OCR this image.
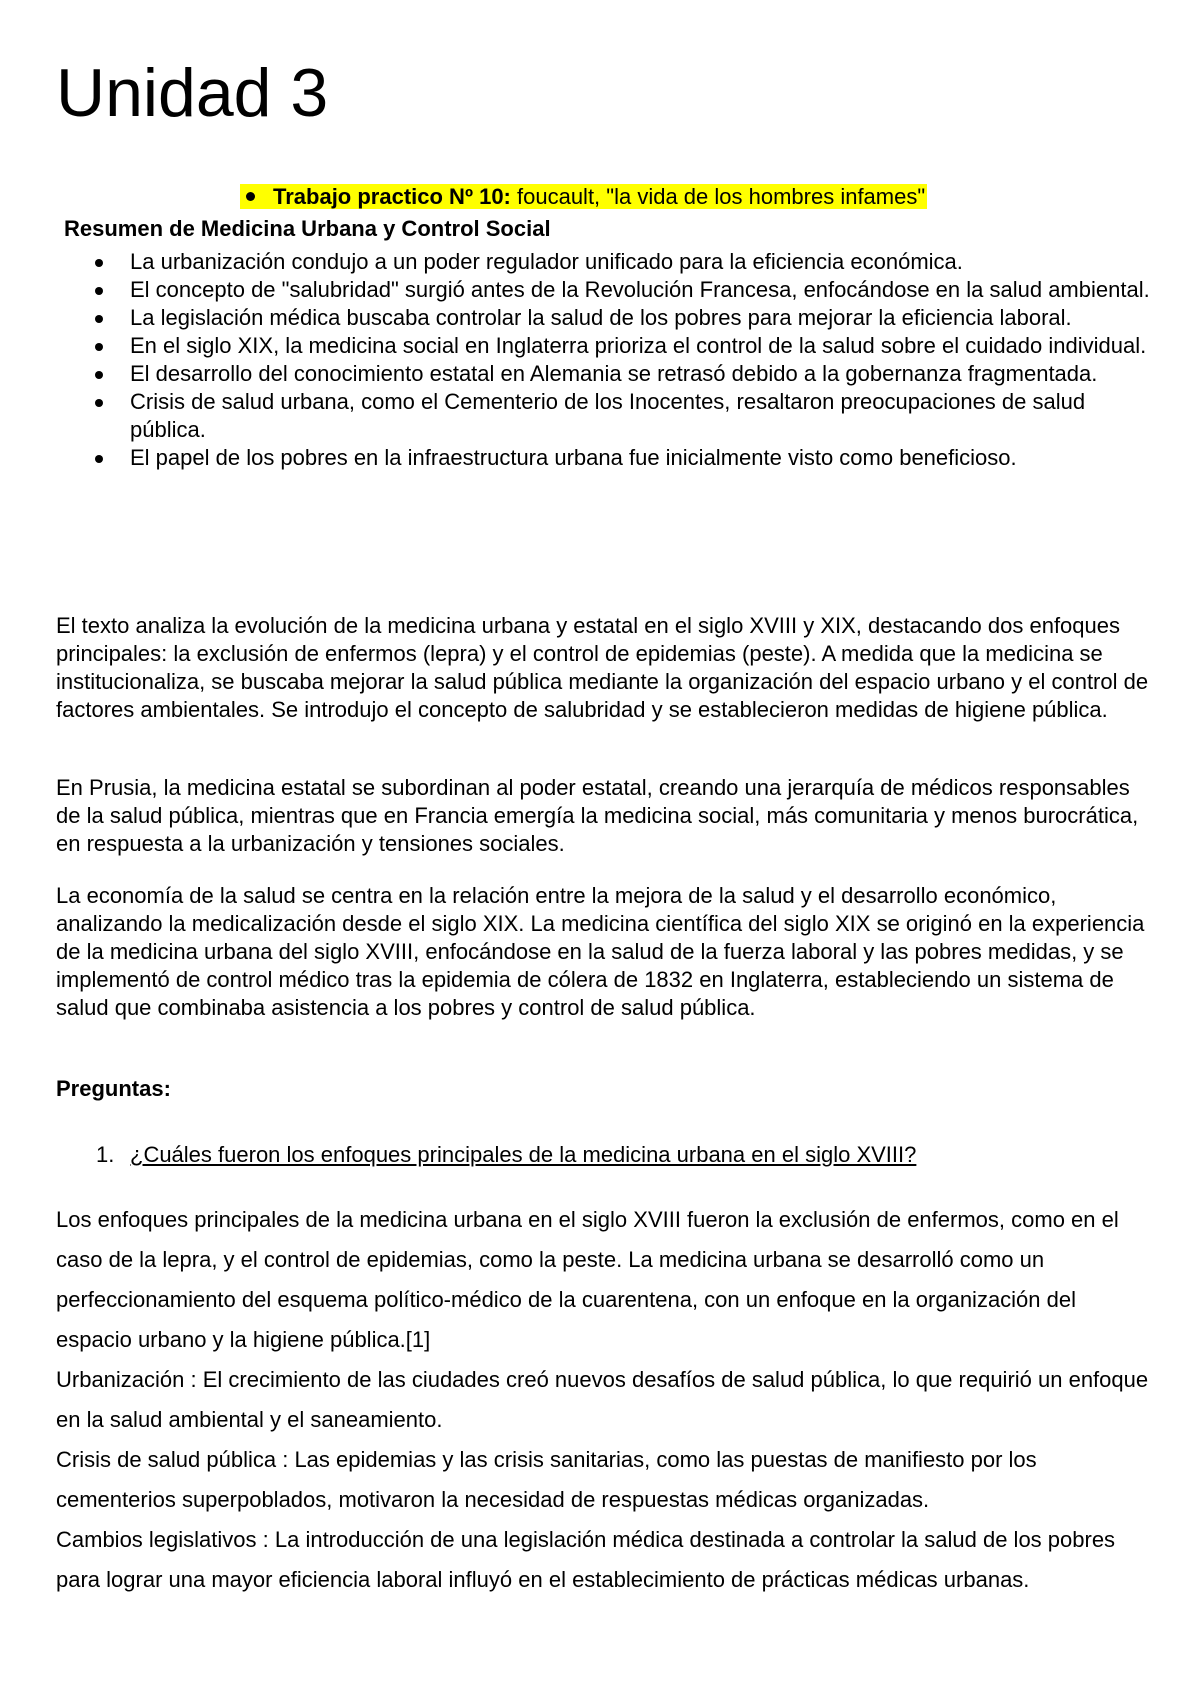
Unidad 3
Trabajo practico Nº 10: foucault, "la vida de los hombres infames"
Resumen de Medicina Urbana y Control Social
La urbanización condujo a un poder regulador unificado para la eficiencia económica.
El concepto de "salubridad" surgió antes de la Revolución Francesa, enfocándose en la salud ambiental.
La legislación médica buscaba controlar la salud de los pobres para mejorar la eficiencia laboral.
En el siglo XIX, la medicina social en Inglaterra prioriza el control de la salud sobre el cuidado individual.
El desarrollo del conocimiento estatal en Alemania se retrasó debido a la gobernanza fragmentada.
Crisis de salud urbana, como el Cementerio de los Inocentes, resaltaron preocupaciones de salud pública.
El papel de los pobres en la infraestructura urbana fue inicialmente visto como beneficioso.

El texto analiza la evolución de la medicina urbana y estatal en el siglo XVIII y XIX, destacando dos enfoques principales: la exclusión de enfermos (lepra) y el control de epidemias (peste). A medida que la medicina se institucionaliza, se buscaba mejorar la salud pública mediante la organización del espacio urbano y el control de factores ambientales. Se introdujo el concepto de salubridad y se establecieron medidas de higiene pública.

En Prusia, la medicina estatal se subordinan al poder estatal, creando una jerarquía de médicos responsables de la salud pública, mientras que en Francia emergía la medicina social, más comunitaria y menos burocrática, en respuesta a la urbanización y tensiones sociales.

La economía de la salud se centra en la relación entre la mejora de la salud y el desarrollo económico, analizando la medicalización desde el siglo XIX. La medicina científica del siglo XIX se originó en la experiencia de la medicina urbana del siglo XVIII, enfocándose en la salud de la fuerza laboral y las pobres medidas, y se implementó de control médico tras la epidemia de cólera de 1832 en Inglaterra, estableciendo un sistema de salud que combinaba asistencia a los pobres y control de salud pública.

Preguntas:

1. ¿Cuáles fueron los enfoques principales de la medicina urbana en el siglo XVIII?

Los enfoques principales de la medicina urbana en el siglo XVIII fueron la exclusión de enfermos, como en el caso de la lepra, y el control de epidemias, como la peste. La medicina urbana se desarrolló como un perfeccionamiento del esquema político-médico de la cuarentena, con un enfoque en la organización del espacio urbano y la higiene pública.[1]

Urbanización : El crecimiento de las ciudades creó nuevos desafíos de salud pública, lo que requirió un enfoque en la salud ambiental y el saneamiento.

Crisis de salud pública : Las epidemias y las crisis sanitarias, como las puestas de manifiesto por los cementerios superpoblados, motivaron la necesidad de respuestas médicas organizadas.

Cambios legislativos : La introducción de una legislación médica destinada a controlar la salud de los pobres para lograr una mayor eficiencia laboral influyó en el establecimiento de prácticas médicas urbanas.
